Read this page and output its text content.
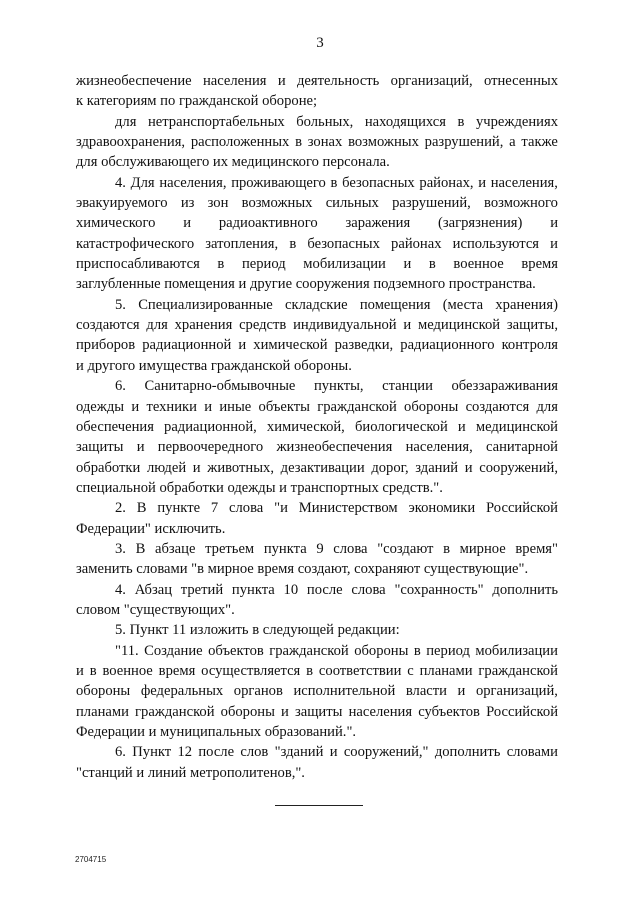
3
жизнеобеспечение населения и деятельность организаций, отнесенных
к категориям по гражданской обороне;
для нетранспортабельных больных, находящихся в учреждениях
здравоохранения, расположенных в зонах возможных разрушений, а также
для обслуживающего их медицинского персонала.
4. Для населения, проживающего в безопасных районах, и населения,
эвакуируемого из зон возможных сильных разрушений, возможного
химического и радиоактивного заражения (загрязнения) и
катастрофического затопления, в безопасных районах используются и
приспосабливаются в период мобилизации и в военное время
заглубленные помещения и другие сооружения подземного пространства.
5. Специализированные складские помещения (места хранения)
создаются для хранения средств индивидуальной и медицинской защиты,
приборов радиационной и химической разведки, радиационного контроля
и другого имущества гражданской обороны.
6. Санитарно-обмывочные пункты, станции обеззараживания
одежды и техники и иные объекты гражданской обороны создаются для
обеспечения радиационной, химической, биологической и медицинской
защиты и первоочередного жизнеобеспечения населения, санитарной
обработки людей и животных, дезактивации дорог, зданий и сооружений,
специальной обработки одежды и транспортных средств.".
2. В пункте 7 слова "и Министерством экономики Российской
Федерации" исключить.
3. В абзаце третьем пункта 9 слова "создают в мирное время"
заменить словами "в мирное время создают, сохраняют существующие".
4. Абзац третий пункта 10 после слова "сохранность" дополнить
словом "существующих".
5. Пункт 11 изложить в следующей редакции:
"11. Создание объектов гражданской обороны в период мобилизации
и в военное время осуществляется в соответствии с планами гражданской
обороны федеральных органов исполнительной власти и организаций,
планами гражданской обороны и защиты населения субъектов Российской
Федерации и муниципальных образований.".
6. Пункт 12 после слов "зданий и сооружений," дополнить словами
"станций и линий метрополитенов,".
2704715
